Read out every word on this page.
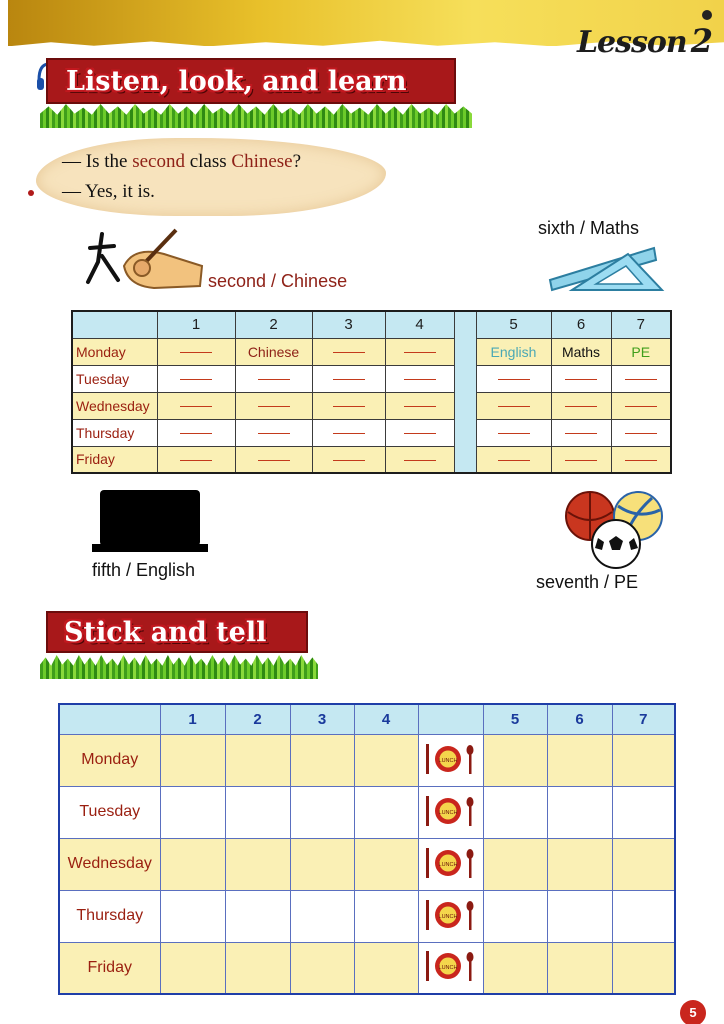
Lesson 2
Listen, look, and learn
— Is the second class Chinese?
— Yes, it is.
second / Chinese
sixth / Maths
	1	2	3	4		5	6	7
Monday		Chinese				English	Maths	PE
Tuesday								
Wednesday								
Thursday								
Friday								
fifth / English
seventh / PE
Stick and tell
	1	2	3	4		5	6	7
Monday					LUNCH			

Tuesday					LUNCH			

Wednesday					LUNCH			

Thursday					LUNCH			

Friday					LUNCH			

5
